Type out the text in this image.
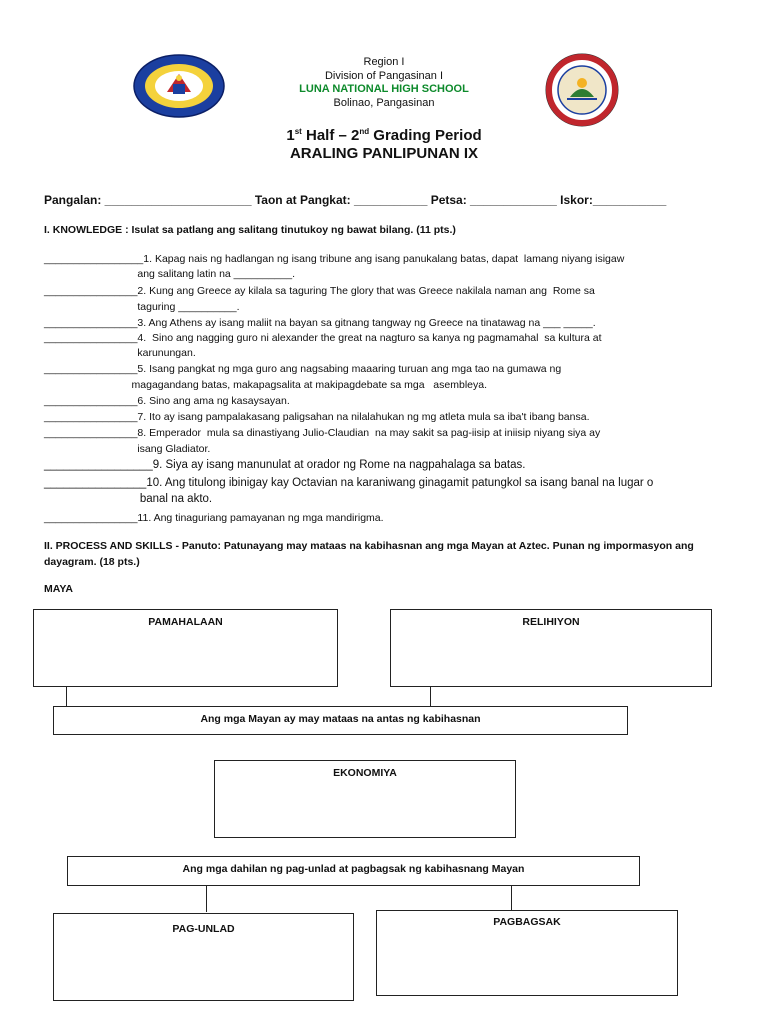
Region I
Division of Pangasinan I
LUNA NATIONAL HIGH SCHOOL
Bolinao, Pangasinan
1st Half – 2nd Grading Period
ARALING PANLIPUNAN IX
Pangalan: ______________________ Taon at Pangkat: ___________ Petsa: _____________ Iskor:___________
I. KNOWLEDGE : Isulat sa patlang ang salitang tinutukoy ng bawat bilang. (11 pts.)
_________________1. Kapag nais ng hadlangan ng isang tribune ang isang panukalang batas, dapat  lamang niyang isigaw
ang salitang latin na __________.
________________2. Kung ang Greece ay kilala sa taguring The glory that was Greece nakilala naman ang  Rome sa
taguring __________.
________________3. Ang Athens ay isang maliit na bayan sa gitnang tangway ng Greece na tinatawag na ___ _____.
________________4.  Sino ang nagging guro ni alexander the great na nagturo sa kanya ng pagmamahal  sa kultura at
karunungan.
________________5. Isang pangkat ng mga guro ang nagsabing maaaring turuan ang mga tao na gumawa ng
magagandang batas, makapagsalita at makipagdebate sa mga   asembleya.
________________6. Sino ang ama ng kasaysayan.
________________7. Ito ay isang pampalakasang paligsahan na nilalahukan ng mg atleta mula sa iba't ibang bansa.
________________8. Emperador  mula sa dinastiyang Julio-Claudian  na may sakit sa pag-iisip at iniisip niyang siya ay
isang Gladiator.
_________________9. Siya ay isang manunulat at orador ng Rome na nagpahalaga sa batas.
________________10. Ang titulong ibinigay kay Octavian na karaniwang ginagamit patungkol sa isang banal na lugar o
banal na akto.
________________11. Ang tinaguriang pamayanan ng mga mandirigma.
II. PROCESS AND SKILLS - Panuto: Patunayang may mataas na kabihasnan ang mga Mayan at Aztec. Punan ng impormasyon ang
dayagram. (18 pts.)
MAYA
PAMAHALAAN	RELIHIYON
Ang mga Mayan ay may mataas na antas ng kabihasnan
EKONOMIYA
Ang mga dahilan ng pag-unlad at pagbagsak ng kabihasnang Mayan
PAG-UNLAD
PAGBAGSAK
